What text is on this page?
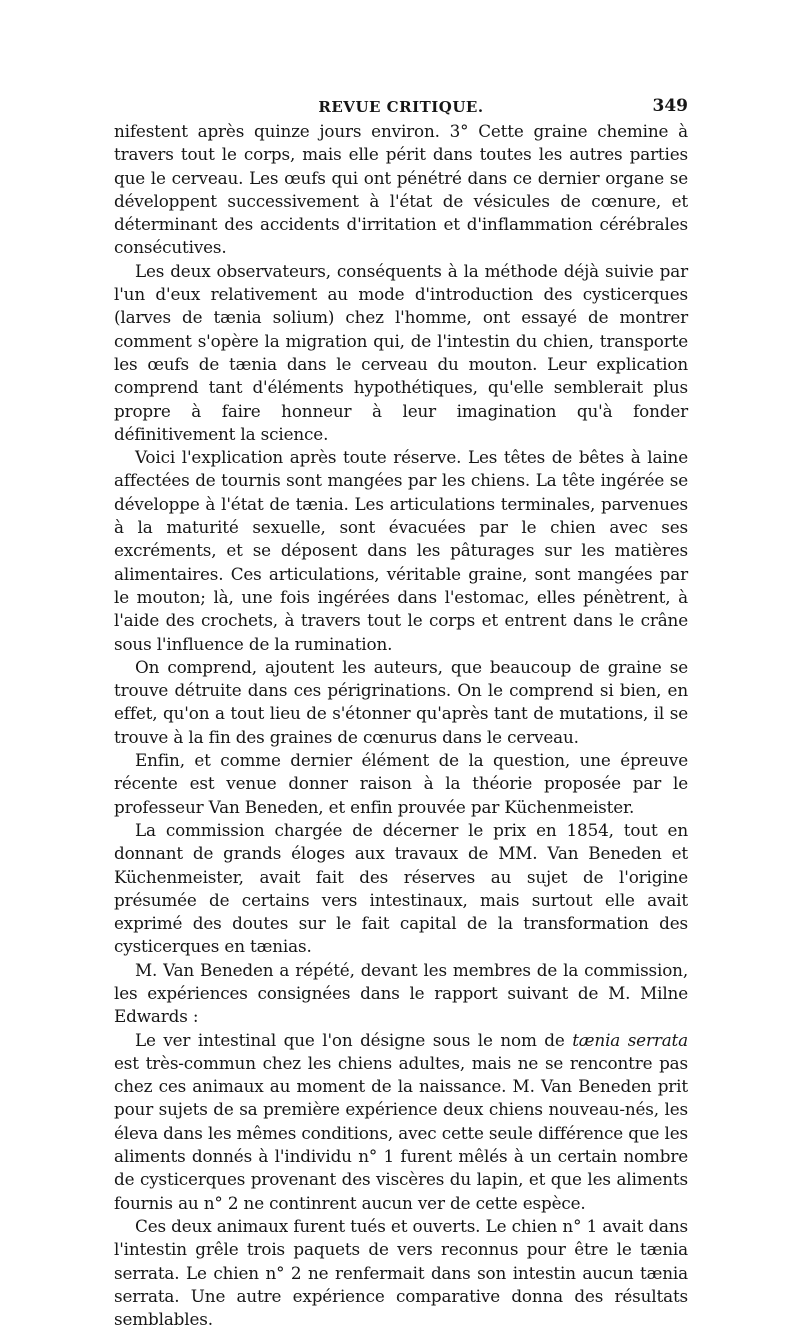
REVUE CRITIQUE.	349

nifestent après quinze jours environ. 3° Cette graine chemine à travers tout le corps, mais elle périt dans toutes les autres parties que le cerveau. Les œufs qui ont pénétré dans ce dernier organe se développent successivement à l'état de vésicules de cœnure, et déterminant des accidents d'irritation et d'inflammation cérébrales consécutives.

Les deux observateurs, conséquents à la méthode déjà suivie par l'un d'eux relativement au mode d'introduction des cysticerques (larves de tænia solium) chez l'homme, ont essayé de montrer comment s'opère la migration qui, de l'intestin du chien, transporte les œufs de tænia dans le cerveau du mouton. Leur explication comprend tant d'éléments hypothétiques, qu'elle semblerait plus propre à faire honneur à leur imagination qu'à fonder définitivement la science.

Voici l'explication après toute réserve. Les têtes de bêtes à laine affectées de tournis sont mangées par les chiens. La tête ingérée se développe à l'état de tænia. Les articulations terminales, parvenues à la maturité sexuelle, sont évacuées par le chien avec ses excréments, et se déposent dans les pâturages sur les matières alimentaires. Ces articulations, véritable graine, sont mangées par le mouton; là, une fois ingérées dans l'estomac, elles pénètrent, à l'aide des crochets, à travers tout le corps et entrent dans le crâne sous l'influence de la rumination.

On comprend, ajoutent les auteurs, que beaucoup de graine se trouve détruite dans ces périgrinations. On le comprend si bien, en effet, qu'on a tout lieu de s'étonner qu'après tant de mutations, il se trouve à la fin des graines de cœnurus dans le cerveau.

Enfin, et comme dernier élément de la question, une épreuve récente est venue donner raison à la théorie proposée par le professeur Van Beneden, et enfin prouvée par Küchenmeister.

La commission chargée de décerner le prix en 1854, tout en donnant de grands éloges aux travaux de MM. Van Beneden et Küchenmeister, avait fait des réserves au sujet de l'origine présumée de certains vers intestinaux, mais surtout elle avait exprimé des doutes sur le fait capital de la transformation des cysticerques en tænias.

M. Van Beneden a répété, devant les membres de la commission, les expériences consignées dans le rapport suivant de M. Milne Edwards :

Le ver intestinal que l'on désigne sous le nom de tænia serrata est très-commun chez les chiens adultes, mais ne se rencontre pas chez ces animaux au moment de la naissance. M. Van Beneden prit pour sujets de sa première expérience deux chiens nouveau-nés, les éleva dans les mêmes conditions, avec cette seule différence que les aliments donnés à l'individu n° 1 furent mêlés à un certain nombre de cysticerques provenant des viscères du lapin, et que les aliments fournis au n° 2 ne continrent aucun ver de cette espèce.

Ces deux animaux furent tués et ouverts. Le chien n° 1 avait dans l'intestin grêle trois paquets de vers reconnus pour être le tænia serrata. Le chien n° 2 ne renfermait dans son intestin aucun tænia serrata. Une autre expérience comparative donna des résultats semblables.
